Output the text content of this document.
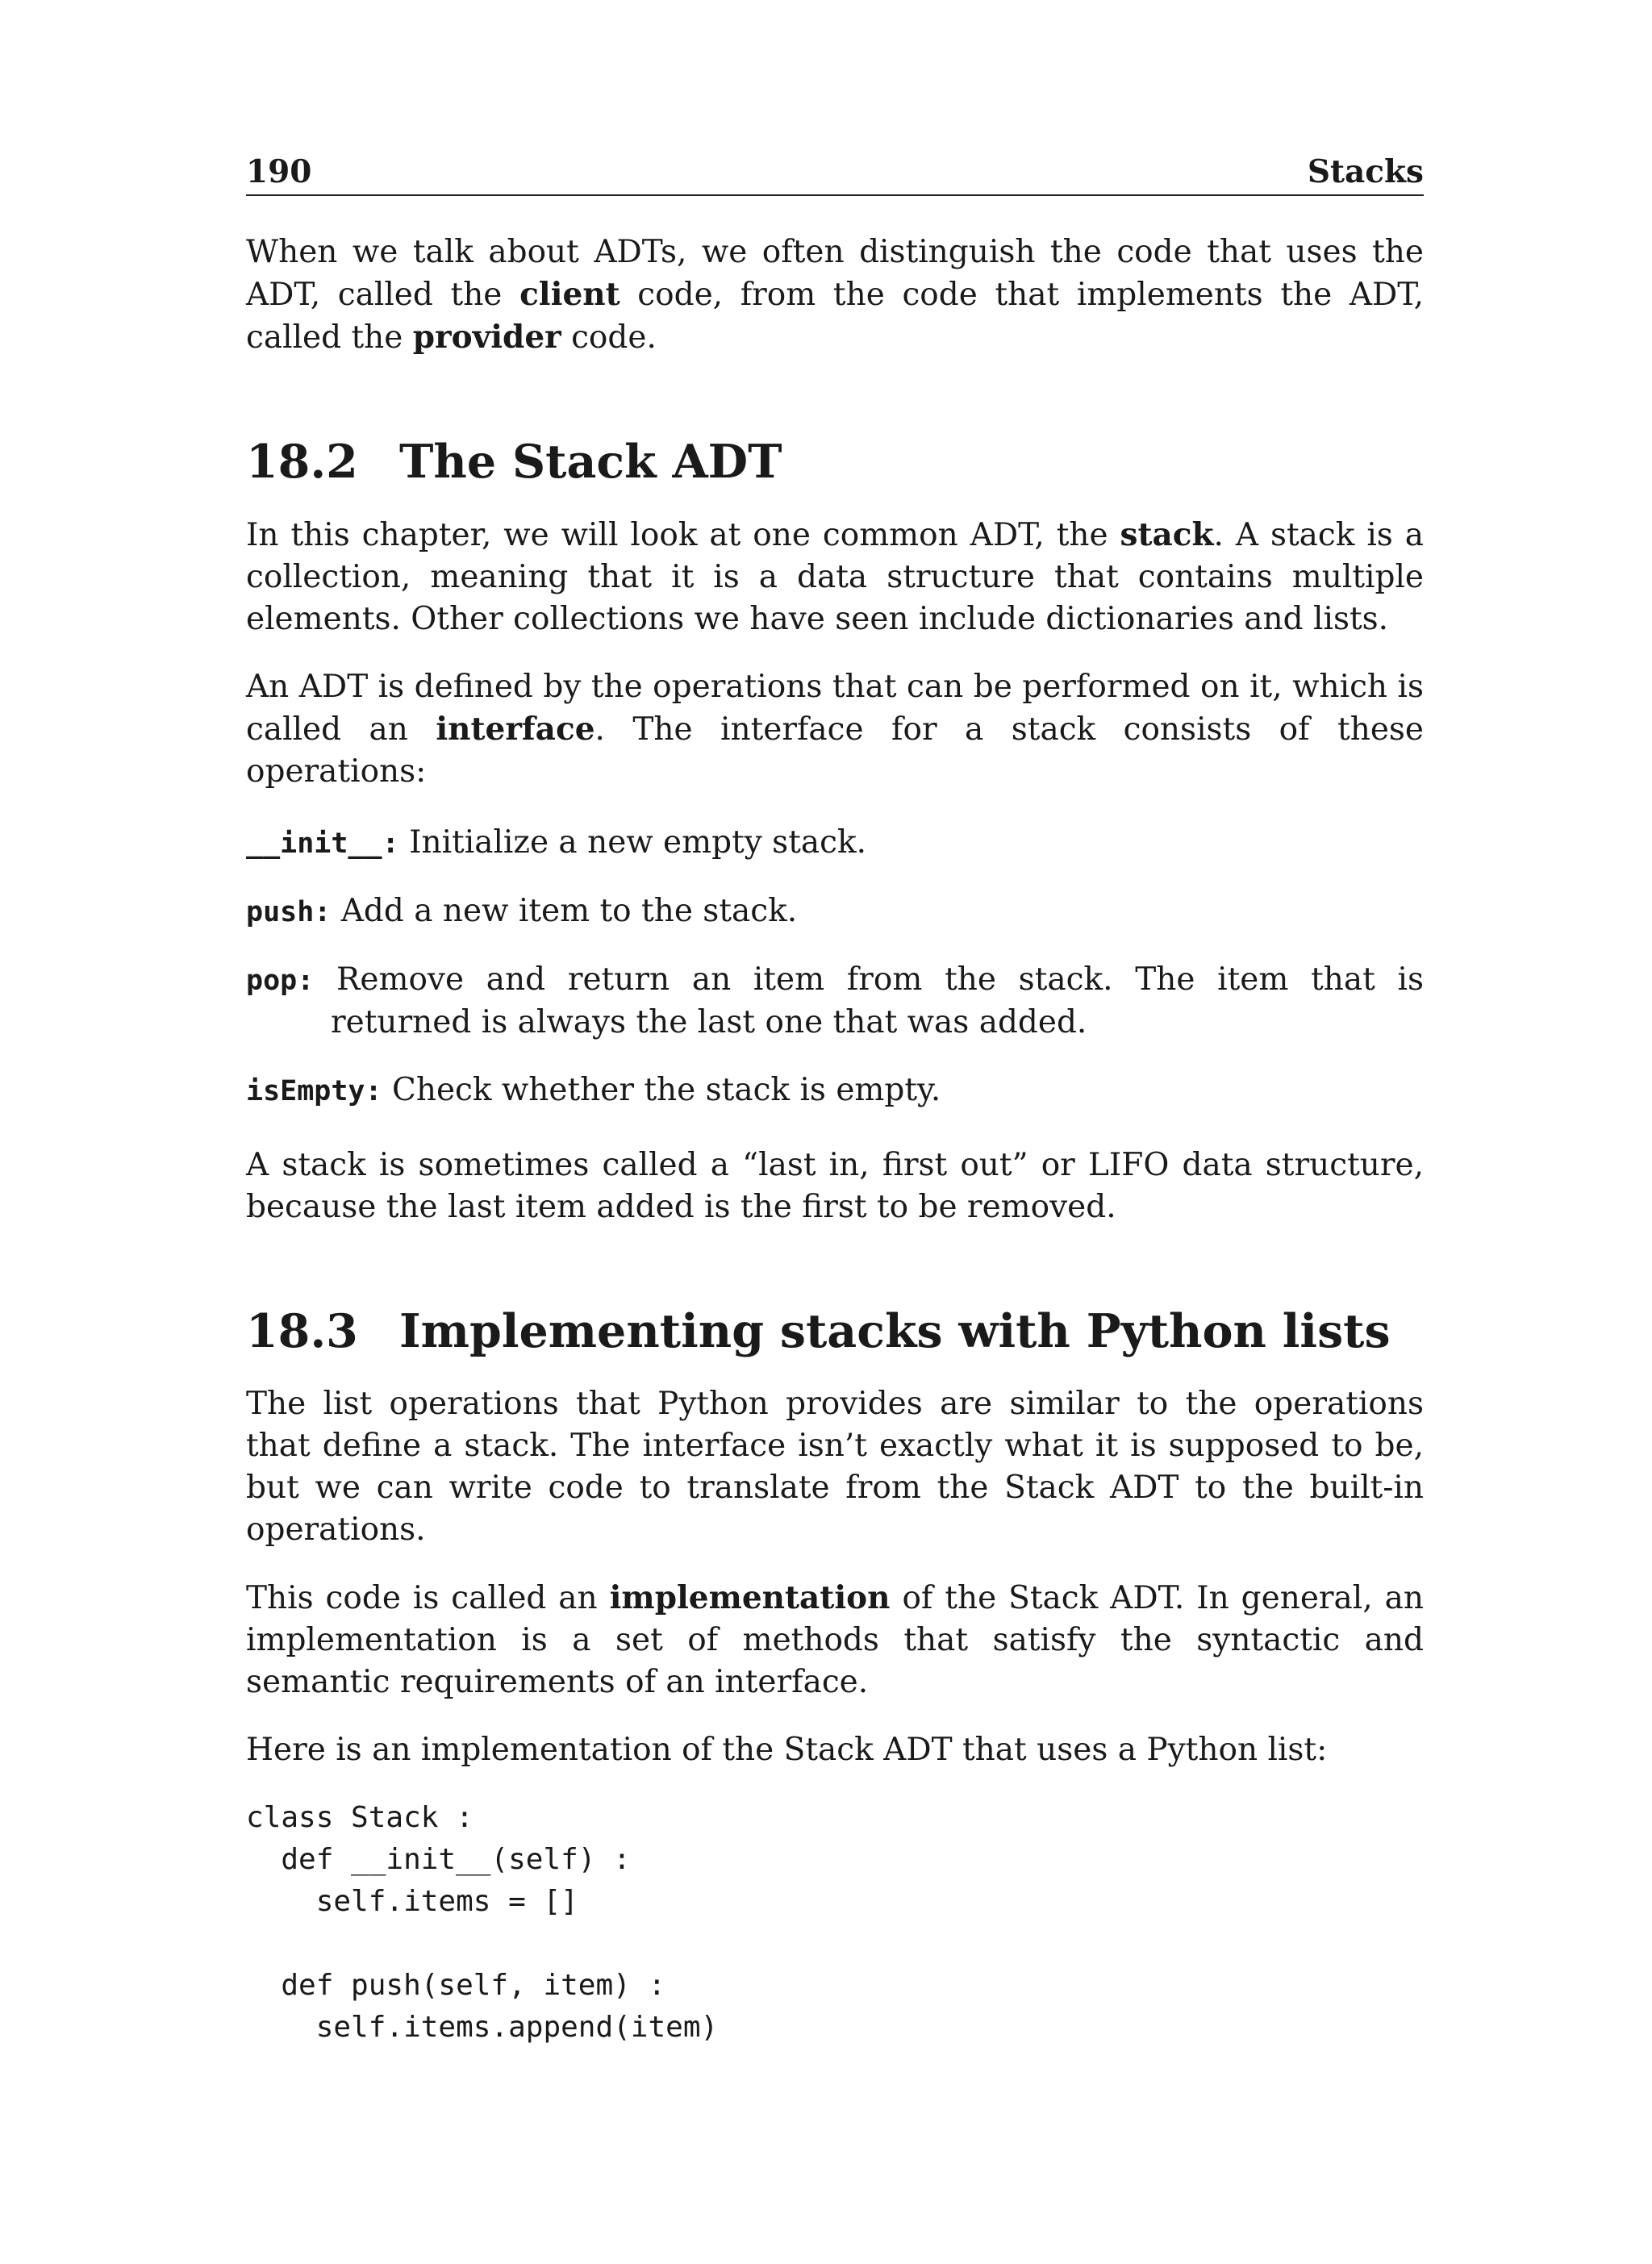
190	Stacks

When we talk about ADTs, we often distinguish the code that uses the ADT, called the client code, from the code that implements the ADT, called the provider code.

18.2 The Stack ADT

In this chapter, we will look at one common ADT, the stack. A stack is a collection, meaning that it is a data structure that contains multiple elements. Other collections we have seen include dictionaries and lists.

An ADT is defined by the operations that can be performed on it, which is called an interface. The interface for a stack consists of these operations:

__init__: Initialize a new empty stack.
push: Add a new item to the stack.
pop: Remove and return an item from the stack. The item that is returned is always the last one that was added.
isEmpty: Check whether the stack is empty.

A stack is sometimes called a “last in, first out” or LIFO data structure, because the last item added is the first to be removed.

18.3 Implementing stacks with Python lists

The list operations that Python provides are similar to the operations that define a stack. The interface isn’t exactly what it is supposed to be, but we can write code to translate from the Stack ADT to the built-in operations.

This code is called an implementation of the Stack ADT. In general, an implementation is a set of methods that satisfy the syntactic and semantic requirements of an interface.

Here is an implementation of the Stack ADT that uses a Python list:

class Stack :
def __init__(self) :
self.items = []
def push(self, item) :
self.items.append(item)
